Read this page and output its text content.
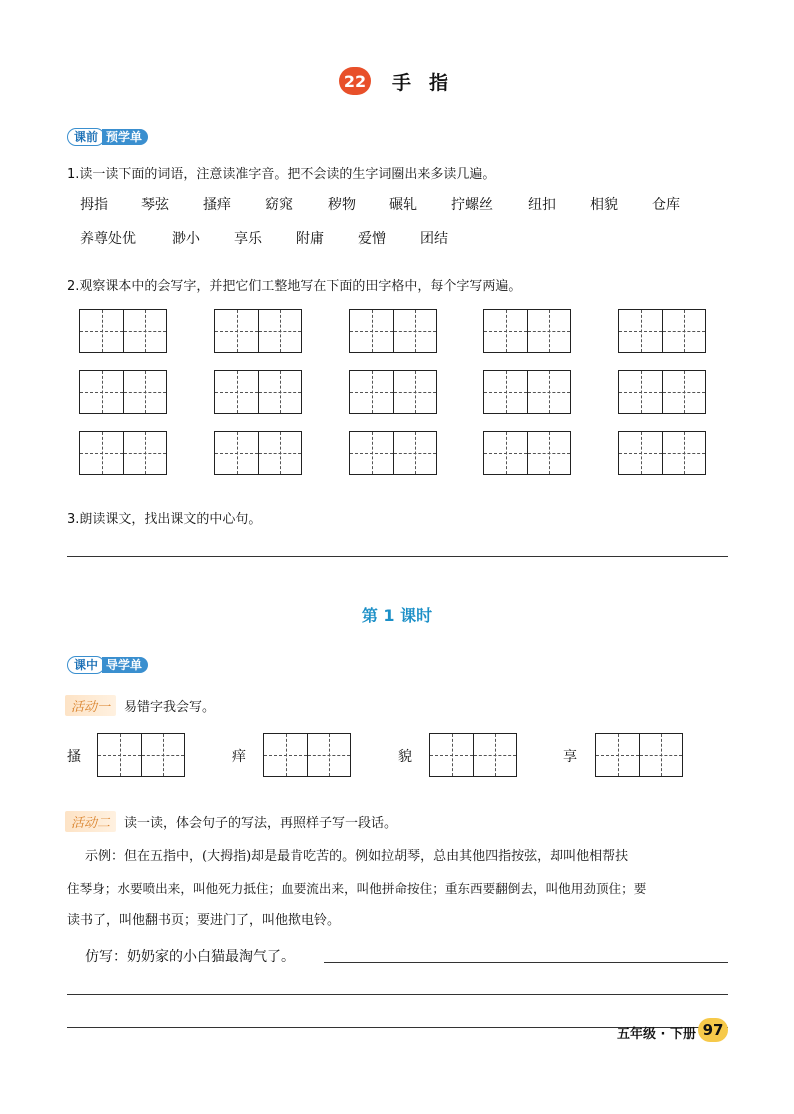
22 手指
课前 预学单
1.读一读下面的词语，注意读准字音。把不会读的生字词圈出来多读几遍。
拇指 琴弦 搔痒 窈窕	秽物 碾轧 拧螺丝	纽扣 相貌 仓库
养尊处优	渺小 享乐 附庸 爱憎 团结
2.观察课本中的会写字，并把它们工整地写在下面的田字格中，每个字写两遍。
3.朗读课文，找出课文的中心句。
第 1 课时
课中 导学单
活动一	易错字我会写。
搔	痒	貌	享
活动二	读一读，体会句子的写法，再照样子写一段话。
示例：但在五指中，(大拇指)却是最肯吃苦的。例如拉胡琴，总由其他四指按弦，却叫他相帮扶
住琴身；水要喷出来，叫他死力抵住；血要流出来，叫他拼命按住；重东西要翻倒去，叫他用劲顶住；要
读书了，叫他翻书页；要进门了，叫他揿电铃。
仿写：奶奶家的小白猫最淘气了。
五年级 · 下册 97
